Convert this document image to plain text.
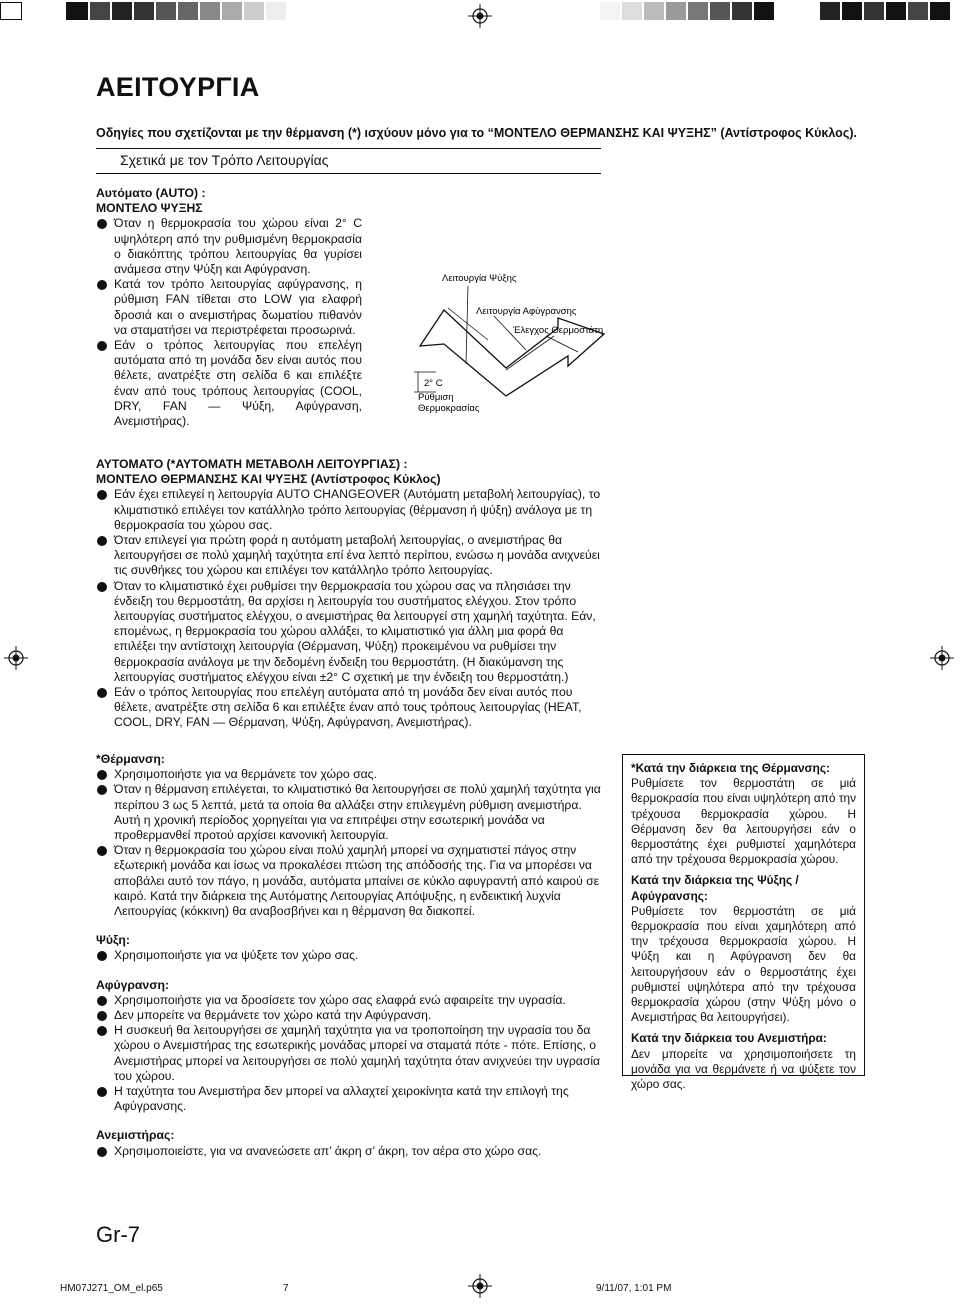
ΑΕΙΤΟΥΡΓΙΑ
Οδηγίες που σχετίζονται με την θέρμανση (*) ισχύουν μόνο για το “ΜΟΝΤΕΛΟ ΘΕΡΜΑΝΣΗΣ ΚΑΙ ΨΥΞΗΣ” (Αντίστροφος Κύκλος).
Σχετικά με τον Τρόπο Λειτουργίας
Αυτόματο (AUTO) :
ΜΟΝΤΕΛΟ ΨΥΞΗΣ
Όταν η θερμοκρασία του χώρου είναι 2° C υψηλότερη από την ρυθμισμένη θερμοκρασία ο διακόπτης τρόπου λειτουργίας θα γυρίσει ανάμεσα στην Ψύξη και Αφύγρανση.
Κατά τον τρόπο λειτουργίας αφύγρανσης, η ρύθμιση FAN τίθεται στο LOW για ελαφρή δροσιά και ο ανεμιστήρας δωματίου πιθανόν να σταματήσει να περιστρέφεται προσωρινά.
Εάν ο τρόπος λειτουργίας που επελέγη αυτόματα από τη μονάδα δεν είναι αυτός που θέλετε, ανατρέξτε στη σελίδα 6 και επιλέξτε έναν από τους τρόπους λειτουργίας (COOL, DRY, FAN — Ψύξη, Αφύγρανση, Ανεμιστήρας).
Λειτουργία Ψύξης
Λειτουργία Αφύγρανσης
Έλεγχος Θερμοστάτη
2° C
Ρύθμιση
Θερμοκρασίας
ΑΥΤΟΜΑΤΟ (*ΑΥΤΟΜΑΤΗ ΜΕΤΑΒΟΛΗ ΛΕΙΤΟΥΡΓΙΑΣ) :
ΜΟΝΤΕΛΟ ΘΕΡΜΑΝΣΗΣ ΚΑΙ ΨΥΞΗΣ (Αντίστροφος Κύκλος)
Εάν έχει επιλεγεί η λειτουργία AUTO CHANGEOVER (Αυτόματη μεταβολή λειτουργίας), το κλιματιστικό επιλέγει τον κατάλληλο τρόπο λειτουργίας (θέρμανση ή ψύξη) ανάλογα με τη θερμοκρασία του χώρου σας.
Όταν επιλεγεί για πρώτη φορά η αυτόματη μεταβολή λειτουργίας, ο ανεμιστήρας θα λειτουργήσει σε πολύ χαμηλή ταχύτητα επί ένα λεπτό περίπου, ενώσω η μονάδα ανιχνεύει τις συνθήκες του χώρου και επιλέγει τον κατάλληλο τρόπο λειτουργίας.
Όταν το κλιματιστικό έχει ρυθμίσει την θερμοκρασία του χώρου σας να πλησιάσει την ένδειξη του θερμοστάτη, θα αρχίσει η λειτουργία του συστήματος ελέγχου. Στον τρόπο λειτουργίας συστήματος ελέγχου, ο ανεμιστήρας θα λειτουργεί στη χαμηλή ταχύτητα. Εάν, επομένως, η θερμοκρασία του χώρου αλλάξει, το κλιματιστικό για άλλη μια φορά θα επιλέξει την αντίστοιχη λειτουργία (Θέρμανση, Ψύξη) προκειμένου να ρυθμίσει την θερμοκρασία ανάλογα με την δεδομένη ένδειξη του θερμοστάτη. (Η διακύμανση της λειτουργίας συστήματος ελέγχου είναι ±2° C σχετική με την ένδειξη του θερμοστάτη.)
Εάν ο τρόπος λειτουργίας που επελέγη αυτόματα από τη μονάδα δεν είναι αυτός που θέλετε, ανατρέξτε στη σελίδα 6 και επιλέξτε έναν από τους τρόπους λειτουργίας (HEAT, COOL, DRY, FAN — Θέρμανση, Ψύξη, Αφύγρανση, Ανεμιστήρας).
*Θέρμανση:
Χρησιμοποιήστε για να θερμάνετε τον χώρο σας.
Όταν η θέρμανση επιλέγεται, το κλιματιστικό θα λειτουργήσει σε πολύ χαμηλή ταχύτητα για περίπου 3 ως 5 λεπτά, μετά τα οποία θα αλλάξει στην επιλεγμένη ρύθμιση ανεμιστήρα. Αυτή η χρονική περίοδος χορηγείται για να επιτρέψει στην εσωτερική μονάδα να προθερμανθεί προτού αρχίσει κανονική λειτουργία.
Όταν η θερμοκρασία του χώρου είναι πολύ χαμηλή μπορεί να σχηματιστεί πάγος στην εξωτερική μονάδα και ίσως να προκαλέσει πτώση της απόδοσής της. Για να μπορέσει να αποβάλει αυτό τον πάγο, η μονάδα, αυτόματα μπαίνει σε κύκλο αφυγραντή από καιρού σε καιρό. Κατά την διάρκεια της Αυτόματης Λειτουργίας Απόψυξης, η ενδεικτική λυχνία Λειτουργίας (κόκκινη) θα αναβοσβήνει και η θέρμανση θα διακοπεί.
Ψύξη:
Χρησιμοποιήστε για να ψύξετε τον χώρο σας.
Αφύγρανση:
Χρησιμοποιήστε για να δροσίσετε τον χώρο σας ελαφρά ενώ αφαιρείτε την υγρασία.
Δεν μπορείτε να θερμάνετε τον χώρο κατά την Αφύγρανση.
Η συσκευή θα λειτουργήσει σε χαμηλή ταχύτητα για να τροποποίηση την υγρασία του δα χώρου ο Ανεμιστήρας της εσωτερικής μονάδας μπορεί να σταματά πότε - πότε. Επίσης, ο Ανεμιστήρας μπορεί να λειτουργήσει σε πολύ χαμηλή ταχύτητα όταν ανιχνεύει την υγρασία του χώρου.
Η ταχύτητα του Ανεμιστήρα δεν μπορεί να αλλαχτεί χειροκίνητα κατά την επιλογή της Αφύγρανσης.
Ανεμιστήρας:
Χρησιμοποιείστε, για να ανανεώσετε απ’ άκρη σ’ άκρη, τον αέρα στο χώρο σας.
*Κατά την διάρκεια της Θέρμανσης:
Ρυθμίσετε τον θερμοστάτη σε μιά θερμοκρασία που είναι υψηλότερη από την τρέχουσα θερμοκρασία χώρου. Η Θέρμανση δεν θα λειτουργήσει εάν ο θερμοστάτης έχει ρυθμιστεί χαμηλότερα από την τρέχουσα θερμοκρασία χώρου.
Κατά την διάρκεια της Ψύξης / Αφύγρανσης:
Ρυθμίσετε τον θερμοστάτη σε μιά θερμοκρασία που είναι χαμηλότερη από την τρέχουσα θερμοκρασία χώρου. Η Ψύξη και η Αφύγρανση δεν θα λειτουργήσουν εάν ο θερμοστάτης έχει ρυθμιστεί υψηλότερα από την τρέχουσα θερμοκρασία χώρου (στην Ψύξη μόνο ο Ανεμιστήρας θα λειτουργήσει).
Κατά την διάρκεια του Ανεμιστήρα:
Δεν μπορείτε να χρησιμοποιήσετε τη μονάδα για να θερμάνετε ή να ψύξετε τον χώρο σας.
Gr-7
HM07J271_OM_el.p65	7	9/11/07, 1:01 PM
